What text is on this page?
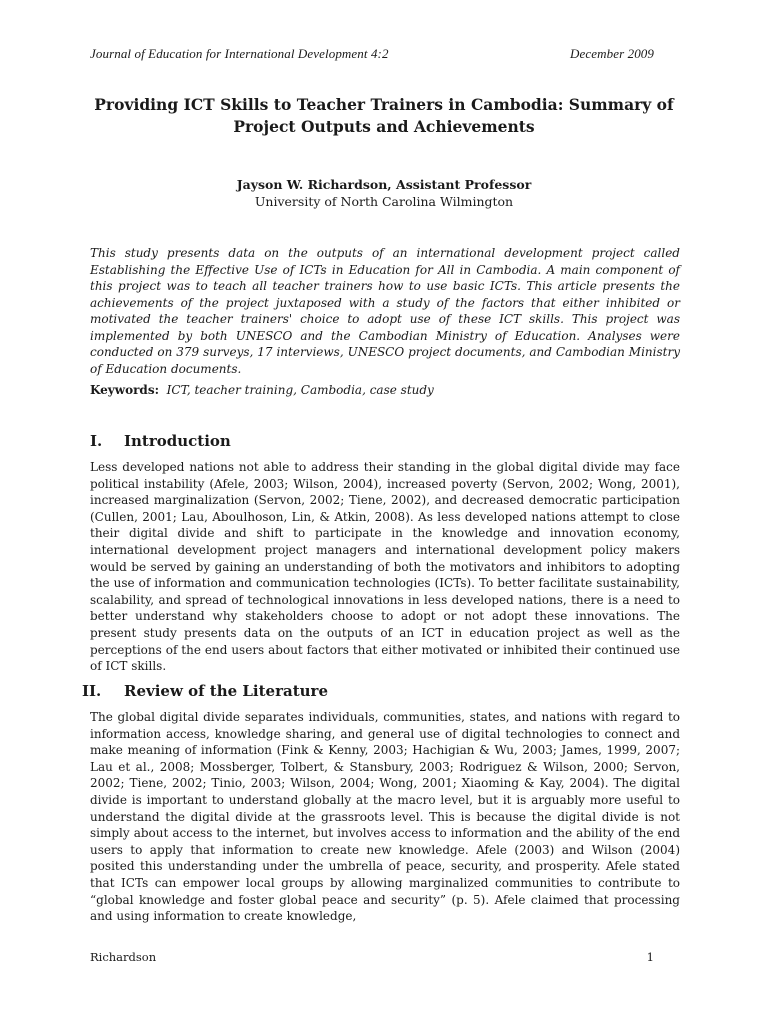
Journal of Education for International Development 4:2	December 2009
Providing ICT Skills to Teacher Trainers in Cambodia: Summary of Project Outputs and Achievements
Jayson W. Richardson, Assistant Professor
University of North Carolina Wilmington
This study presents data on the outputs of an international development project called Establishing the Effective Use of ICTs in Education for All in Cambodia. A main component of this project was to teach all teacher trainers how to use basic ICTs. This article presents the achievements of the project juxtaposed with a study of the factors that either inhibited or motivated the teacher trainers' choice to adopt use of these ICT skills. This project was implemented by both UNESCO and the Cambodian Ministry of Education. Analyses were conducted on 379 surveys, 17 interviews, UNESCO project documents, and Cambodian Ministry of Education documents.
Keywords: ICT, teacher training, Cambodia, case study
I.	Introduction
Less developed nations not able to address their standing in the global digital divide may face political instability (Afele, 2003; Wilson, 2004), increased poverty (Servon, 2002; Wong, 2001), increased marginalization (Servon, 2002; Tiene, 2002), and decreased democratic participation (Cullen, 2001; Lau, Aboulhoson, Lin, & Atkin, 2008). As less developed nations attempt to close their digital divide and shift to participate in the knowledge and innovation economy, international development project managers and international development policy makers would be served by gaining an understanding of both the motivators and inhibitors to adopting the use of information and communication technologies (ICTs). To better facilitate sustainability, scalability, and spread of technological innovations in less developed nations, there is a need to better understand why stakeholders choose to adopt or not adopt these innovations. The present study presents data on the outputs of an ICT in education project as well as the perceptions of the end users about factors that either motivated or inhibited their continued use of ICT skills.
II.	Review of the Literature
The global digital divide separates individuals, communities, states, and nations with regard to information access, knowledge sharing, and general use of digital technologies to connect and make meaning of information (Fink & Kenny, 2003; Hachigian & Wu, 2003; James, 1999, 2007; Lau et al., 2008; Mossberger, Tolbert, & Stansbury, 2003; Rodriguez & Wilson, 2000; Servon, 2002; Tiene, 2002; Tinio, 2003; Wilson, 2004; Wong, 2001; Xiaoming & Kay, 2004). The digital divide is important to understand globally at the macro level, but it is arguably more useful to understand the digital divide at the grassroots level. This is because the digital divide is not simply about access to the internet, but involves access to information and the ability of the end users to apply that information to create new knowledge. Afele (2003) and Wilson (2004) posited this understanding under the umbrella of peace, security, and prosperity. Afele stated that ICTs can empower local groups by allowing marginalized communities to contribute to “global knowledge and foster global peace and security” (p. 5). Afele claimed that processing and using information to create knowledge,
Richardson	1
